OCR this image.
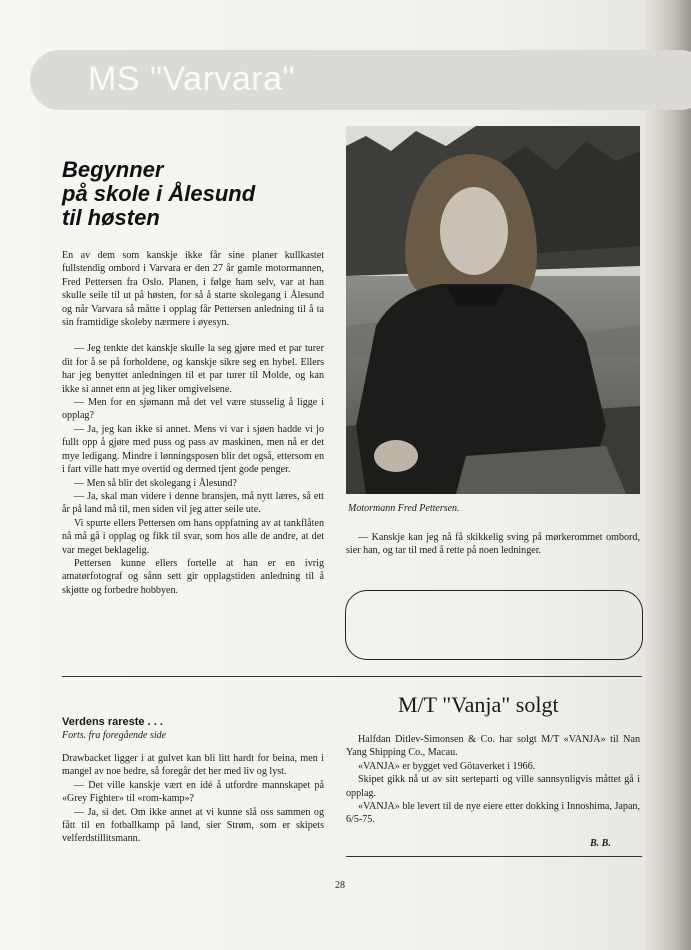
MS "Varvara"
Begynner
på skole i Ålesund
til høsten

En av dem som kanskje ikke får sine planer kullkastet fullstendig ombord i Varvara er den 27 år gamle motormannen, Fred Pettersen fra Oslo. Planen, i følge ham selv, var at han skulle seile til ut på høsten, for så å starte skolegang i Ålesund og når Varvara så måtte i opplag får Pettersen anledning til å ta sin framtidige skoleby nærmere i øyesyn.

— Jeg tenkte det kanskje skulle la seg gjøre med et par turer dit for å se på forholdene, og kanskje sikre seg en hybel. Ellers har jeg benyttet anledningen til et par turer til Molde, og kan ikke si annet enn at jeg liker omgivelsene.

— Men for en sjømann må det vel være stusselig å ligge i opplag?

— Ja, jeg kan ikke si annet. Mens vi var i sjøen hadde vi jo fullt opp å gjøre med puss og pass av maskinen, men nå er det mye ledigang. Mindre i lønningsposen blir det også, ettersom en i fart ville hatt mye overtid og dermed tjent gode penger.

— Men så blir det skolegang i Ålesund?

— Ja, skal man videre i denne bransjen, må nytt læres, så ett år på land må til, men siden vil jeg atter seile ute.

Vi spurte ellers Pettersen om hans oppfatning av at tankflåten nå må gå i opplag og fikk til svar, som hos alle de andre, at det var meget beklagelig.

Pettersen kunne ellers fortelle at han er en ivrig amatørfotograf og sånn sett gir opplagstiden anledning til å skjøtte og forbedre hobbyen.

Motormann Fred Pettersen.

— Kanskje kan jeg nå få skikkelig sving på mørkerommet ombord, sier han, og tar til med å rette på noen ledninger.

Verdens rareste . . .
Forts. fra foregående side

Drawbacket ligger i at gulvet kan bli litt hardt for beina, men i mangel av noe bedre, så foregår det her med liv og lyst.

— Det ville kanskje vært en idé å utfordre mannskapet på «Grey Fighter» til «rom-kamp»?

— Ja, si det. Om ikke annet at vi kunne slå oss sammen og fått til en fotballkamp på land, sier Strøm, som er skipets velferdstillitsmann.

M/T "Vanja" solgt

Halfdan Ditlev-Simonsen & Co. har solgt M/T «VANJA» til Nan Yang Shipping Co., Macau.

«VANJA» er bygget ved Götaverket i 1966.

Skipet gikk nå ut av sitt serteparti og ville sannsynligvis måttet gå i opplag.

«VANJA» ble levert til de nye eiere etter dokking i Innoshima, Japan, 6/5-75.

B. B.
28
